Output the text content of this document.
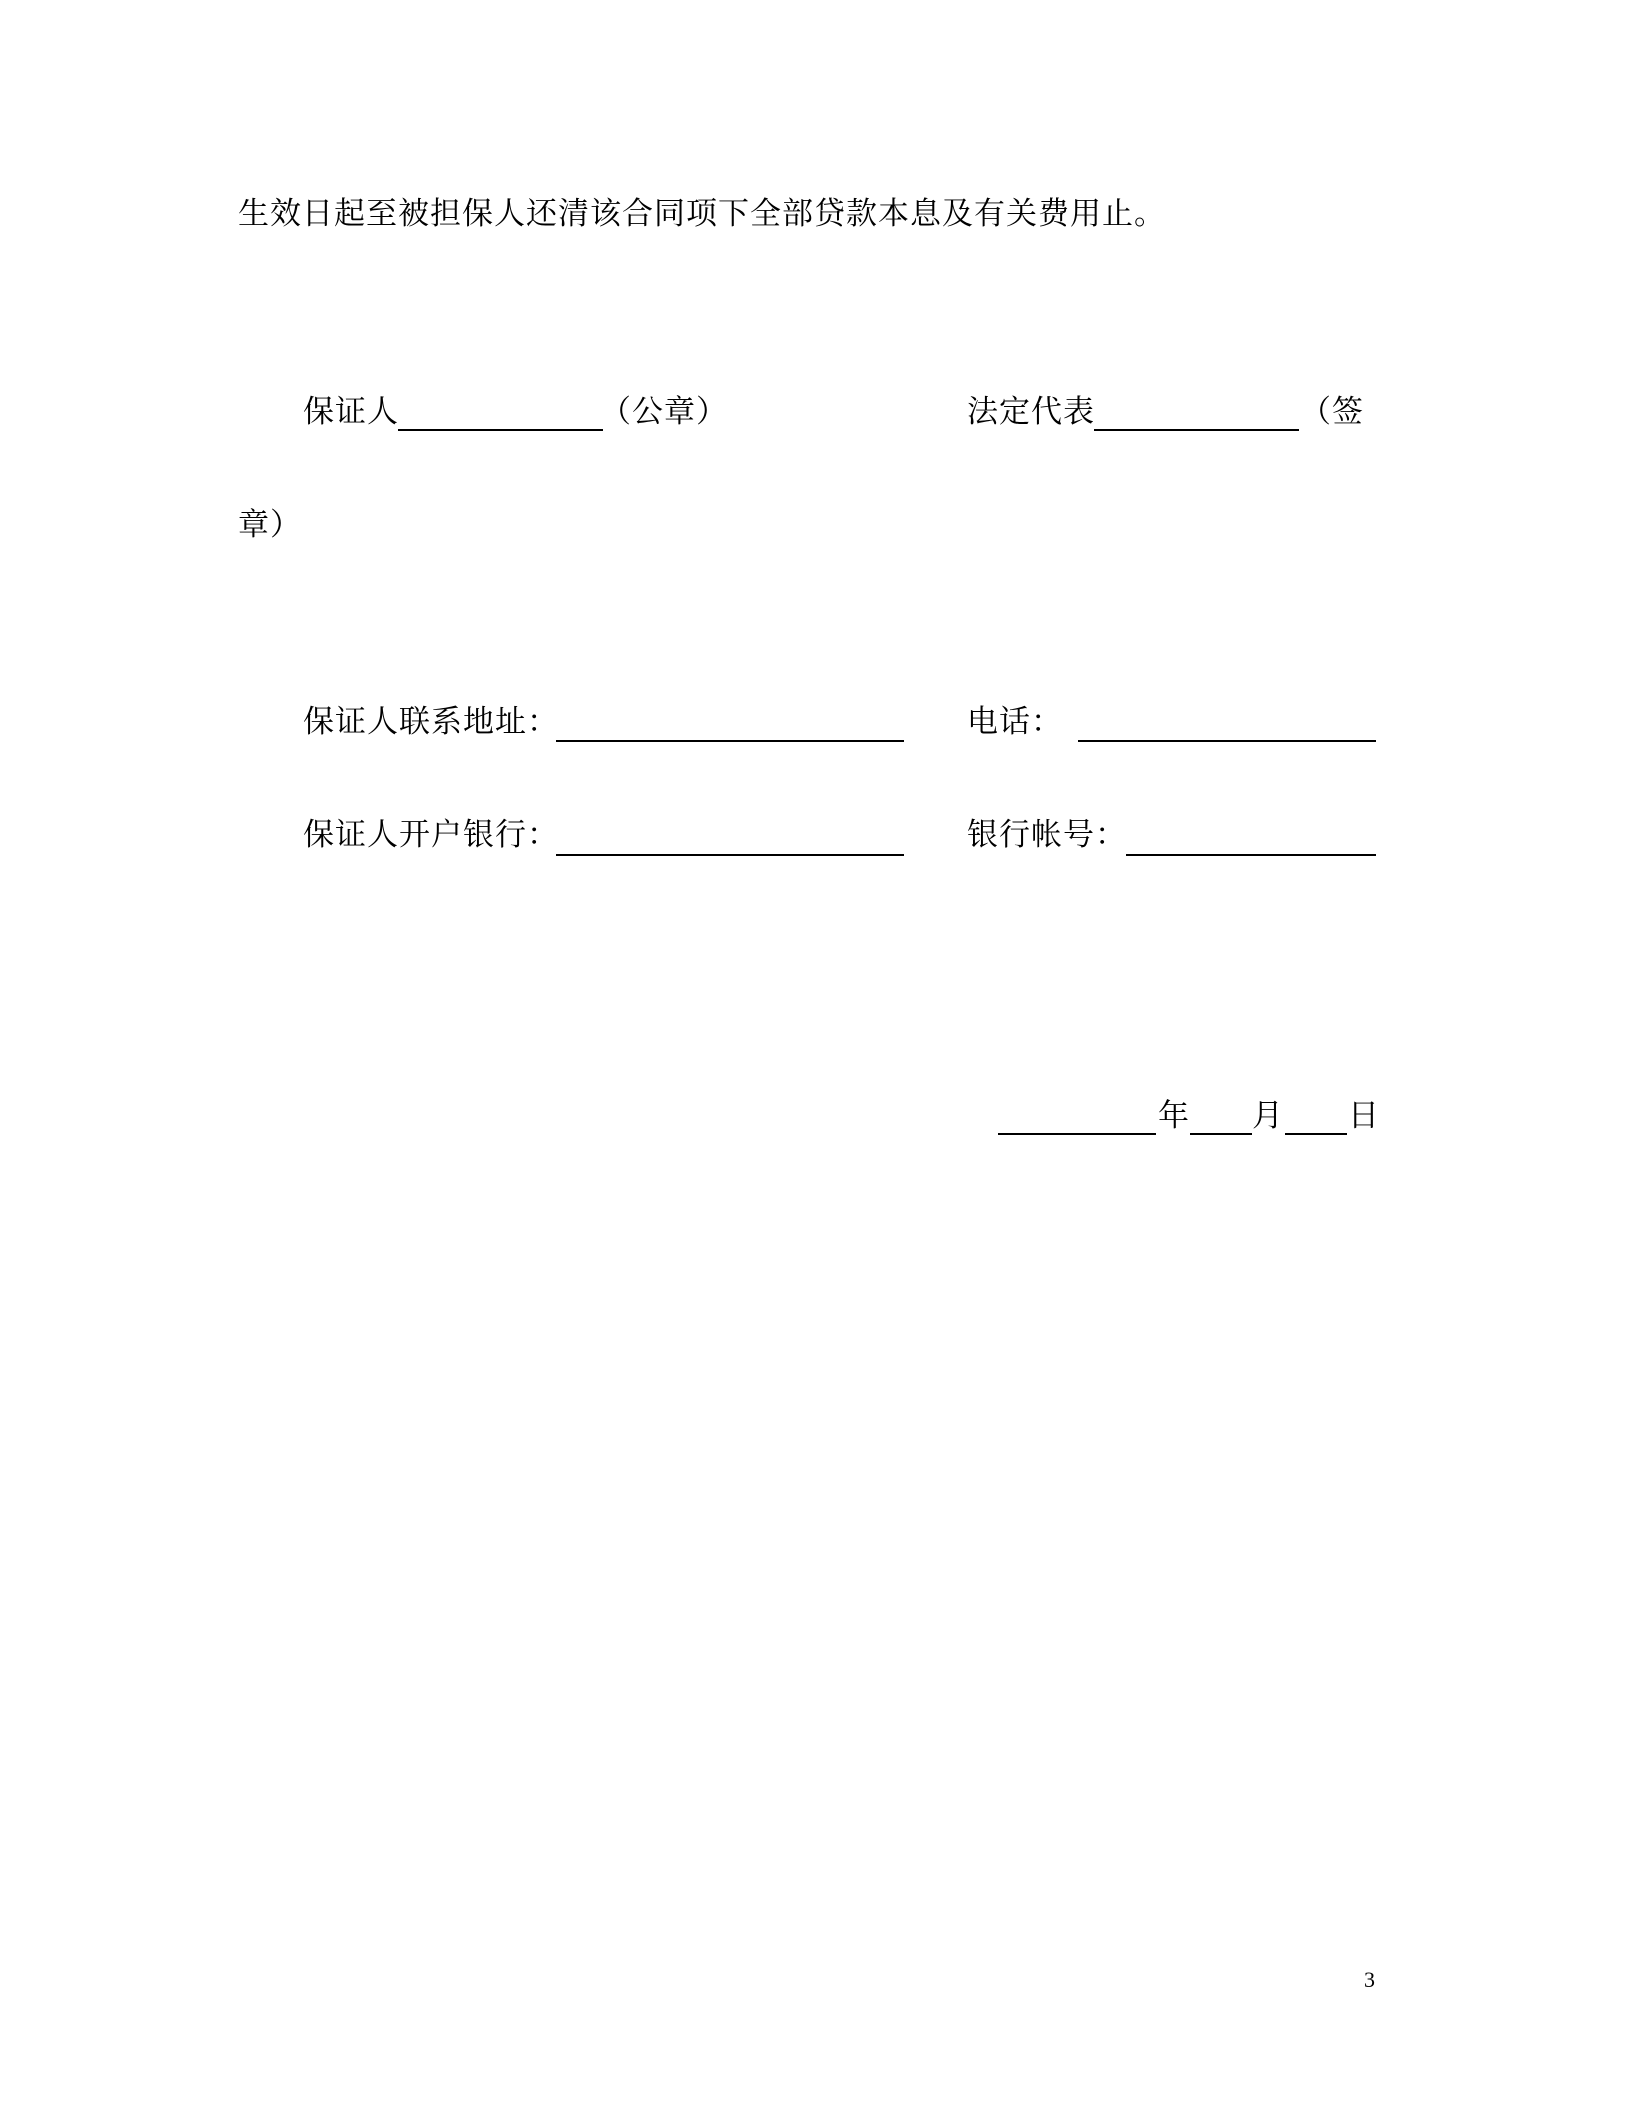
生效日起至被担保人还清该合同项下全部贷款本息及有关费用止。
保证人	（公章）	法定代表	（签
章）
保证人联系地址：	电话：
保证人开户银行：	银行帐号：
年 月 日
3
